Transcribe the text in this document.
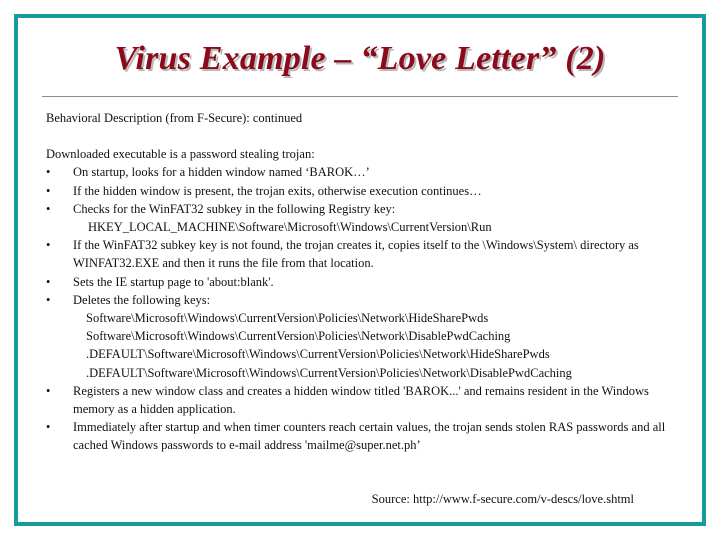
Virus Example – “Love Letter” (2)
Behavioral Description (from F-Secure): continued
Downloaded executable is a password stealing trojan:
•	On startup, looks for a hidden window named ‘BAROK…’
•	If the hidden window is present, the trojan exits, otherwise execution continues…
•	Checks for the WinFAT32 subkey in the following Registry key:
HKEY_LOCAL_MACHINE\Software\Microsoft\Windows\CurrentVersion\Run
•	If the WinFAT32 subkey key is not found, the trojan creates it, copies itself to the \Windows\System\ directory as WINFAT32.EXE and then it runs the file from that location.
•	Sets the IE startup page to 'about:blank'.
•	Deletes the following keys:
Software\Microsoft\Windows\CurrentVersion\Policies\Network\HideSharePwds
Software\Microsoft\Windows\CurrentVersion\Policies\Network\DisablePwdCaching
.DEFAULT\Software\Microsoft\Windows\CurrentVersion\Policies\Network\HideSharePwds
.DEFAULT\Software\Microsoft\Windows\CurrentVersion\Policies\Network\DisablePwdCaching
•	Registers a new window class and creates a hidden window titled 'BAROK...' and remains resident in the Windows memory as a hidden application.
•	Immediately after startup and when timer counters reach certain values, the trojan sends stolen RAS passwords and all cached Windows passwords to e-mail address 'mailme@super.net.ph’
Source: http://www.f-secure.com/v-descs/love.shtml
